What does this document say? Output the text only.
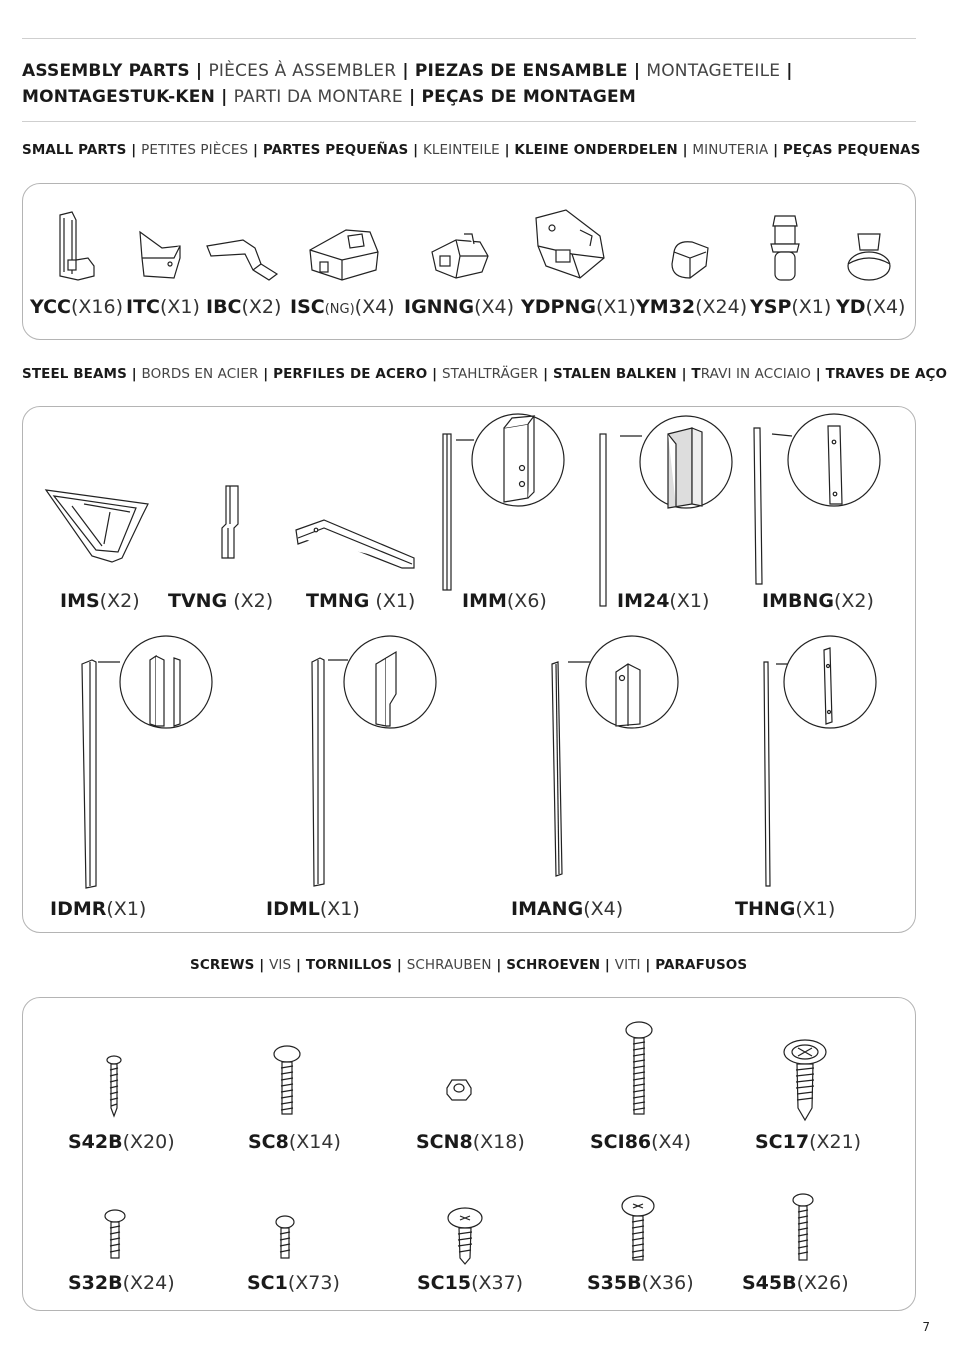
ASSEMBLY PARTS | PIÈCES À ASSEMBLER | PIEZAS DE ENSAMBLE | MONTAGETEILE | MONTAGESTUK-KEN | PARTI DA MONTARE | PEÇAS DE MONTAGEM
SMALL PARTS | PETITES PIÈCES | PARTES PEQUEÑAS | KLEINTEILE | KLEINE ONDERDELEN | MINUTERIA | PEÇAS PEQUENAS
YCC(X16) ITC(X1) IBC(X2) ISC(NG)(X4) IGNNG(X4) YDPNG(X1) YM32(X24) YSP(X1) YD(X4)
STEEL BEAMS | BORDS EN ACIER | PERFILES DE ACERO | STAHLTRÄGER | STALEN BALKEN | TRAVI IN ACCIAIO | TRAVES DE AÇO
IMS(X2) TVNG (X2) TMNG (X1) IMM(X6)	IM24(X1)	IMBNG(X2)
IDMR(X1)	IDML(X1)	IMANG(X4)	THNG(X1)
SCREWS | VIS | TORNILLOS | SCHRAUBEN | SCHROEVEN | VITI | PARAFUSOS
S42B(X20)	SC8(X14)	SCN8(X18)	SCI86(X4)	SC17(X21)
S32B(X24)	SC1(X73)	SC15(X37)	S35B(X36)	S45B(X26)
7
